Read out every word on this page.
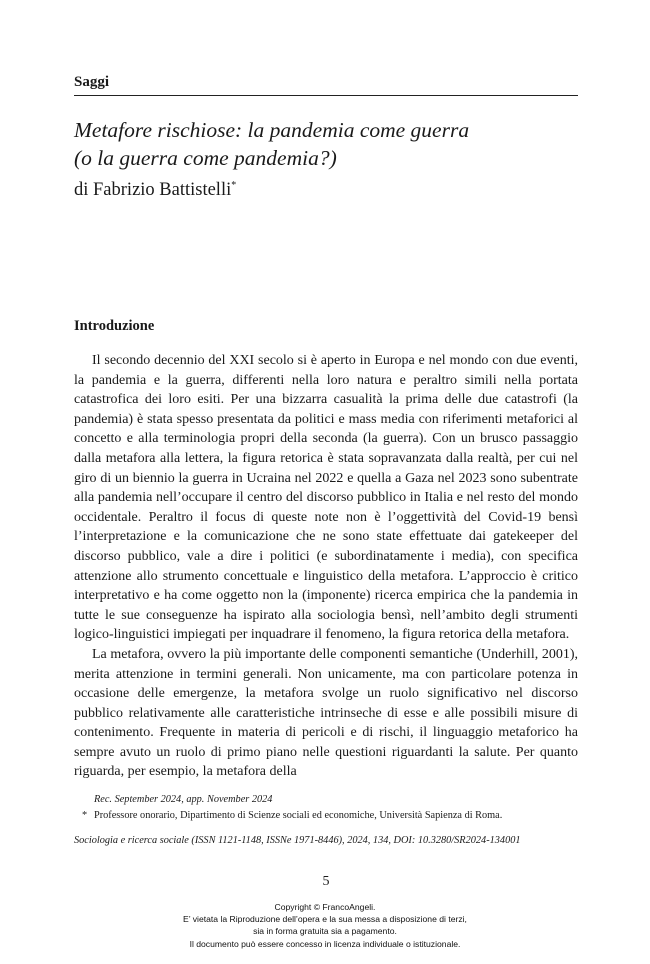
Saggi
Metafore rischiose: la pandemia come guerra
(o la guerra come pandemia?)
di Fabrizio Battistelli*
Introduzione

Il secondo decennio del XXI secolo si è aperto in Europa e nel mondo con due eventi, la pandemia e la guerra, differenti nella loro natura e peraltro simili nella portata catastrofica dei loro esiti. Per una bizzarra casualità la prima delle due catastrofi (la pandemia) è stata spesso presentata da politici e mass media con riferimenti metaforici al concetto e alla terminologia propri della seconda (la guerra). Con un brusco passaggio dalla metafora alla lettera, la figura retorica è stata sopravanzata dalla realtà, per cui nel giro di un biennio la guerra in Ucraina nel 2022 e quella a Gaza nel 2023 sono subentrate alla pandemia nell’occupare il centro del discorso pubblico in Italia e nel resto del mondo occidentale. Peraltro il focus di queste note non è l’oggettività del Covid-19 bensì l’interpretazione e la comunicazione che ne sono state effettuate dai gatekeeper del discorso pubblico, vale a dire i politici (e subordinatamente i media), con specifica attenzione allo strumento concettuale e linguistico della metafora. L’approccio è critico interpretativo e ha come oggetto non la (imponente) ricerca empirica che la pandemia in tutte le sue conseguenze ha ispirato alla sociologia bensì, nell’ambito degli strumenti logico-linguistici impiegati per inquadrare il fenomeno, la figura retorica della metafora.

La metafora, ovvero la più importante delle componenti semantiche (Underhill, 2001), merita attenzione in termini generali. Non unicamente, ma con particolare potenza in occasione delle emergenze, la metafora svolge un ruolo significativo nel discorso pubblico relativamente alle caratteristiche intrinseche di esse e alle possibili misure di contenimento. Frequente in materia di pericoli e di rischi, il linguaggio metaforico ha sempre avuto un ruolo di primo piano nelle questioni riguardanti la salute. Per quanto riguarda, per esempio, la metafora della

Rec. September 2024, app. November 2024
* Professore onorario, Dipartimento di Scienze sociali ed economiche, Università Sapienza di Roma.
Sociologia e ricerca sociale (ISSN 1121-1148, ISSNe 1971-8446), 2024, 134, DOI: 10.3280/SR2024-134001
5
Copyright © FrancoAngeli.
E’ vietata la Riproduzione dell’opera e la sua messa a disposizione di terzi,
sia in forma gratuita sia a pagamento.
Il documento può essere concesso in licenza individuale o istituzionale.
